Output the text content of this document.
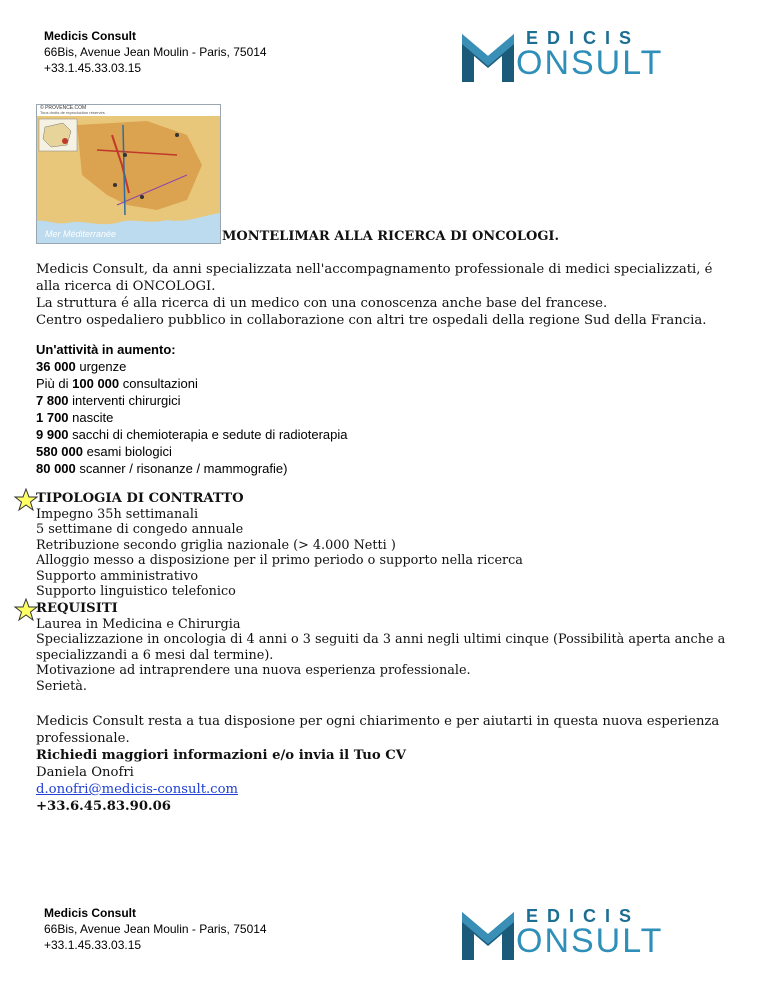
Medicis Consult
66Bis, Avenue Jean Moulin - Paris, 75014
+33.1.45.33.03.15
EDICIS
ONSULT
© PROVENCE.COM
Tous droits de reproduction réservés
Mer Méditerranée	MONTELIMAR ALLA RICERCA DI ONCOLOGI.
Medicis Consult, da anni specializzata nell'accompagnamento professionale di medici specializzati, é alla ricerca di ONCOLOGI.
La struttura é alla ricerca di un medico con una conoscenza anche base del francese.
Centro ospedaliero pubblico in collaborazione con altri tre ospedali della regione Sud della Francia.
Un'attività in aumento:
36 000 urgenze
Più di 100 000 consultazioni
7 800 interventi chirurgici
1 700 nascite
9 900 sacchi di chemioterapia e sedute di radioterapia
580 000 esami biologici
80 000 scanner / risonanze / mammografie)
TIPOLOGIA DI CONTRATTO
Impegno 35h settimanali
5 settimane di congedo annuale
Retribuzione secondo griglia nazionale (> 4.000 Netti )
Alloggio messo a disposizione per il primo periodo o supporto nella ricerca
Supporto amministrativo
Supporto linguistico telefonico
REQUISITI
Laurea in Medicina e Chirurgia
Specializzazione in oncologia di 4 anni o 3 seguiti da 3 anni negli ultimi cinque (Possibilità aperta anche a specializzandi a 6 mesi dal termine).
Motivazione ad intraprendere una nuova esperienza professionale.
Serietà.
Medicis Consult resta a tua disposione per ogni chiarimento e per aiutarti in questa nuova esperienza professionale.
Richiedi maggiori informazioni e/o invia il Tuo CV
Daniela Onofri
d.onofri@medicis-consult.com
+33.6.45.83.90.06
Medicis Consult
66Bis, Avenue Jean Moulin - Paris, 75014
+33.1.45.33.03.15
EDICIS
ONSULT
